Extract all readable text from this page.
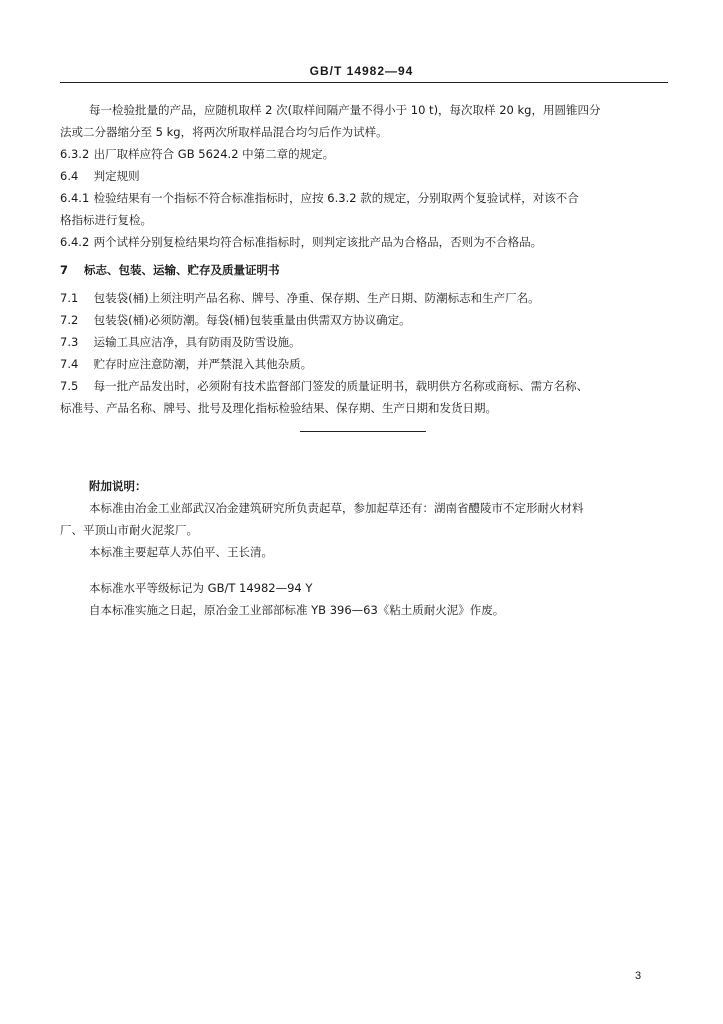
GB/T 14982—94
每一检验批量的产品，应随机取样 2 次(取样间隔产量不得小于 10 t)，每次取样 20 kg，用圆锥四分
法或二分器缩分至 5 kg，将两次所取样品混合均匀后作为试样。
6.3.2 出厂取样应符合 GB 5624.2 中第二章的规定。
6.4 判定规则
6.4.1 检验结果有一个指标不符合标准指标时，应按 6.3.2 款的规定，分别取两个复验试样，对该不合
格指标进行复检。
6.4.2 两个试样分别复检结果均符合标准指标时，则判定该批产品为合格品，否则为不合格品。
7 标志、包装、运输、贮存及质量证明书
7.1 包装袋(桶)上须注明产品名称、牌号、净重、保存期、生产日期、防潮标志和生产厂名。
7.2 包装袋(桶)必须防潮。每袋(桶)包装重量由供需双方协议确定。
7.3 运输工具应洁净，具有防雨及防雪设施。
7.4 贮存时应注意防潮，并严禁混入其他杂质。
7.5 每一批产品发出时，必须附有技术监督部门签发的质量证明书，载明供方名称或商标、需方名称、
标准号、产品名称、牌号、批号及理化指标检验结果、保存期、生产日期和发货日期。
附加说明：
本标准由冶金工业部武汉冶金建筑研究所负责起草，参加起草还有：湖南省醴陵市不定形耐火材料
厂、平顶山市耐火泥浆厂。
本标准主要起草人苏伯平、王长清。
本标准水平等级标记为 GB/T 14982—94 Y
自本标准实施之日起，原冶金工业部部标准 YB 396—63《粘土质耐火泥》作废。
3
